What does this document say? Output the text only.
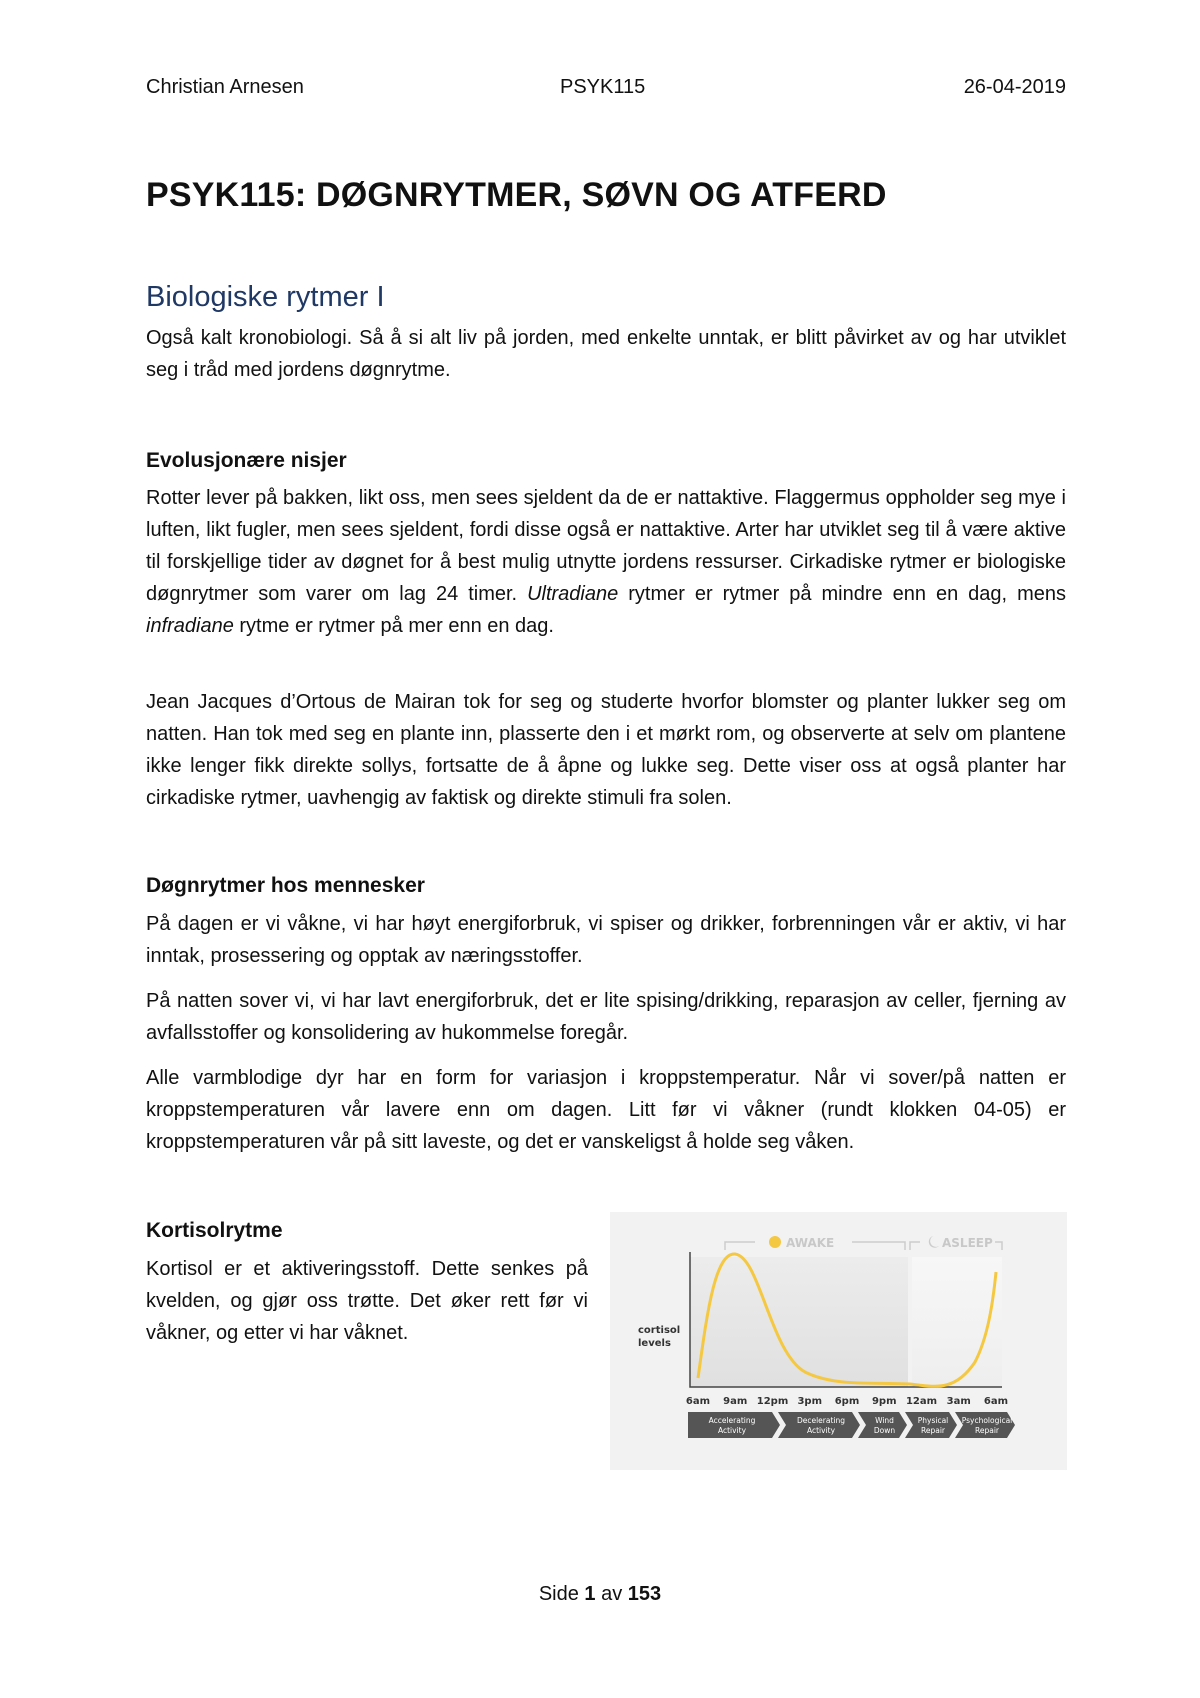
Christian Arnesen	PSYK115	26-04-2019
PSYK115: DØGNRYTMER, SØVN OG ATFERD
Biologiske rytmer I

Også kalt kronobiologi. Så å si alt liv på jorden, med enkelte unntak, er blitt påvirket av og har utviklet seg i tråd med jordens døgnrytme.

Evolusjonære nisjer

Rotter lever på bakken, likt oss, men sees sjeldent da de er nattaktive. Flaggermus oppholder seg mye i luften, likt fugler, men sees sjeldent, fordi disse også er nattaktive. Arter har utviklet seg til å være aktive til forskjellige tider av døgnet for å best mulig utnytte jordens ressurser. Cirkadiske rytmer er biologiske døgnrytmer som varer om lag 24 timer. Ultradiane rytmer er rytmer på mindre enn en dag, mens infradiane rytme er rytmer på mer enn en dag.

Jean Jacques d’Ortous de Mairan tok for seg og studerte hvorfor blomster og planter lukker seg om natten. Han tok med seg en plante inn, plasserte den i et mørkt rom, og observerte at selv om plantene ikke lenger fikk direkte sollys, fortsatte de å åpne og lukke seg. Dette viser oss at også planter har cirkadiske rytmer, uavhengig av faktisk og direkte stimuli fra solen.

Døgnrytmer hos mennesker

På dagen er vi våkne, vi har høyt energiforbruk, vi spiser og drikker, forbrenningen vår er aktiv, vi har inntak, prosessering og opptak av næringsstoffer.

På natten sover vi, vi har lavt energiforbruk, det er lite spising/drikking, reparasjon av celler, fjerning av avfallsstoffer og konsolidering av hukommelse foregår.

Alle varmblodige dyr har en form for variasjon i kroppstemperatur. Når vi sover/på natten er kroppstemperaturen vår lavere enn om dagen. Litt før vi våkner (rundt klokken 04-05) er kroppstemperaturen vår på sitt laveste, og det er vanskeligst å holde seg våken.

Kortisolrytme

Kortisol er et aktiveringsstoff. Dette senkes på kvelden, og gjør oss trøtte. Det øker rett før vi våkner, og etter vi har våknet.

AWAKE	ASLEEP
cortisol
levels
6am 9am 12pm 3pm 6pm 9pm 12am 3am 6am
Accelerating
Activity
Decelerating
Activity
Wind
Down
Physical
Repair
Psychological
Repair
Side 1 av 153
